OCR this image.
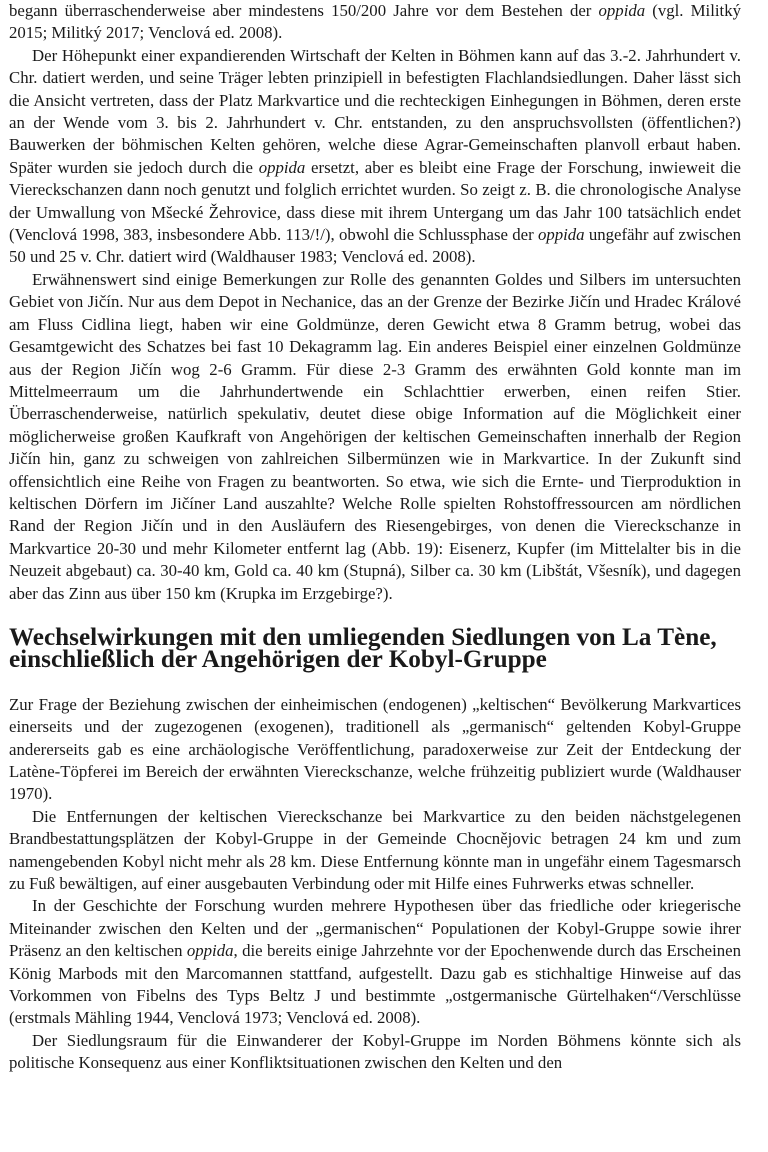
begann überraschenderweise aber mindestens 150/200 Jahre vor dem Bestehen der oppida (vgl. Militký 2015; Militký 2017; Venclová ed. 2008).

Der Höhepunkt einer expandierenden Wirtschaft der Kelten in Böhmen kann auf das 3.-2. Jahrhundert v. Chr. datiert werden, und seine Träger lebten prinzipiell in befestigten Flachlandsiedlungen. Daher lässt sich die Ansicht vertreten, dass der Platz Markvartice und die rechteckigen Einhegungen in Böhmen, deren erste an der Wende vom 3. bis 2. Jahrhundert v. Chr. entstanden, zu den anspruchsvollsten (öffentlichen?) Bauwerken der böhmischen Kelten gehören, welche diese Agrar-Gemeinschaften planvoll erbaut haben. Später wurden sie jedoch durch die oppida ersetzt, aber es bleibt eine Frage der Forschung, inwieweit die Viereckschanzen dann noch genutzt und folglich errichtet wurden. So zeigt z. B. die chronologische Analyse der Umwallung von Mšecké Žehrovice, dass diese mit ihrem Untergang um das Jahr 100 tatsächlich endet (Venclová 1998, 383, insbesondere Abb. 113/!/), obwohl die Schlussphase der oppida ungefähr auf zwischen 50 und 25 v. Chr. datiert wird (Waldhauser 1983; Venclová ed. 2008).

Erwähnenswert sind einige Bemerkungen zur Rolle des genannten Goldes und Silbers im untersuchten Gebiet von Jičín. Nur aus dem Depot in Nechanice, das an der Grenze der Bezirke Jičín und Hradec Králové am Fluss Cidlina liegt, haben wir eine Goldmünze, deren Gewicht etwa 8 Gramm betrug, wobei das Gesamtgewicht des Schatzes bei fast 10 Dekagramm lag. Ein anderes Beispiel einer einzelnen Goldmünze aus der Region Jičín wog 2-6 Gramm. Für diese 2-3 Gramm des erwähnten Gold konnte man im Mittelmeerraum um die Jahrhundertwende ein Schlachttier erwerben, einen reifen Stier. Überraschenderweise, natürlich spekulativ, deutet diese obige Information auf die Möglichkeit einer möglicherweise großen Kaufkraft von Angehörigen der keltischen Gemeinschaften innerhalb der Region Jičín hin, ganz zu schweigen von zahlreichen Silbermünzen wie in Markvartice. In der Zukunft sind offensichtlich eine Reihe von Fragen zu beantworten. So etwa, wie sich die Ernte- und Tierproduktion in keltischen Dörfern im Jičíner Land auszahlte? Welche Rolle spielten Rohstoffressourcen am nördlichen Rand der Region Jičín und in den Ausläufern des Riesengebirges, von denen die Viereckschanze in Markvartice 20-30 und mehr Kilometer entfernt lag (Abb. 19): Eisenerz, Kupfer (im Mittelalter bis in die Neuzeit abgebaut) ca. 30-40 km, Gold ca. 40 km (Stupná), Silber ca. 30 km (Libštát, Všesník), und dagegen aber das Zinn aus über 150 km (Krupka im Erzgebirge?).

Wechselwirkungen mit den umliegenden Siedlungen von La Tène, einschließlich der Angehörigen der Kobyl-Gruppe

Zur Frage der Beziehung zwischen der einheimischen (endogenen) „keltischen“ Bevölkerung Markvartices einerseits und der zugezogenen (exogenen), traditionell als „germanisch“ geltenden Kobyl-Gruppe andererseits gab es eine archäologische Veröffentlichung, paradoxerweise zur Zeit der Entdeckung der Latène-Töpferei im Bereich der erwähnten Viereckschanze, welche frühzeitig publiziert wurde (Waldhauser 1970).

Die Entfernungen der keltischen Viereckschanze bei Markvartice zu den beiden nächstgelegenen Brandbestattungsplätzen der Kobyl-Gruppe in der Gemeinde Chocnějovic betragen 24 km und zum namengebenden Kobyl nicht mehr als 28 km. Diese Entfernung könnte man in ungefähr einem Tagesmarsch zu Fuß bewältigen, auf einer ausgebauten Verbindung oder mit Hilfe eines Fuhrwerks etwas schneller.

In der Geschichte der Forschung wurden mehrere Hypothesen über das friedliche oder kriegerische Miteinander zwischen den Kelten und der „germanischen“ Populationen der Kobyl-Gruppe sowie ihrer Präsenz an den keltischen oppida, die bereits einige Jahrzehnte vor der Epochenwende durch das Erscheinen König Marbods mit den Marcomannen stattfand, aufgestellt. Dazu gab es stichhaltige Hinweise auf das Vorkommen von Fibelns des Typs Beltz J und bestimmte „ostgermanische Gürtelhaken“/Verschlüsse (erstmals Mähling 1944, Venclová 1973; Venclová ed. 2008).

Der Siedlungsraum für die Einwanderer der Kobyl-Gruppe im Norden Böhmens könnte sich als politische Konsequenz aus einer Konfliktsituationen zwischen den Kelten und den
